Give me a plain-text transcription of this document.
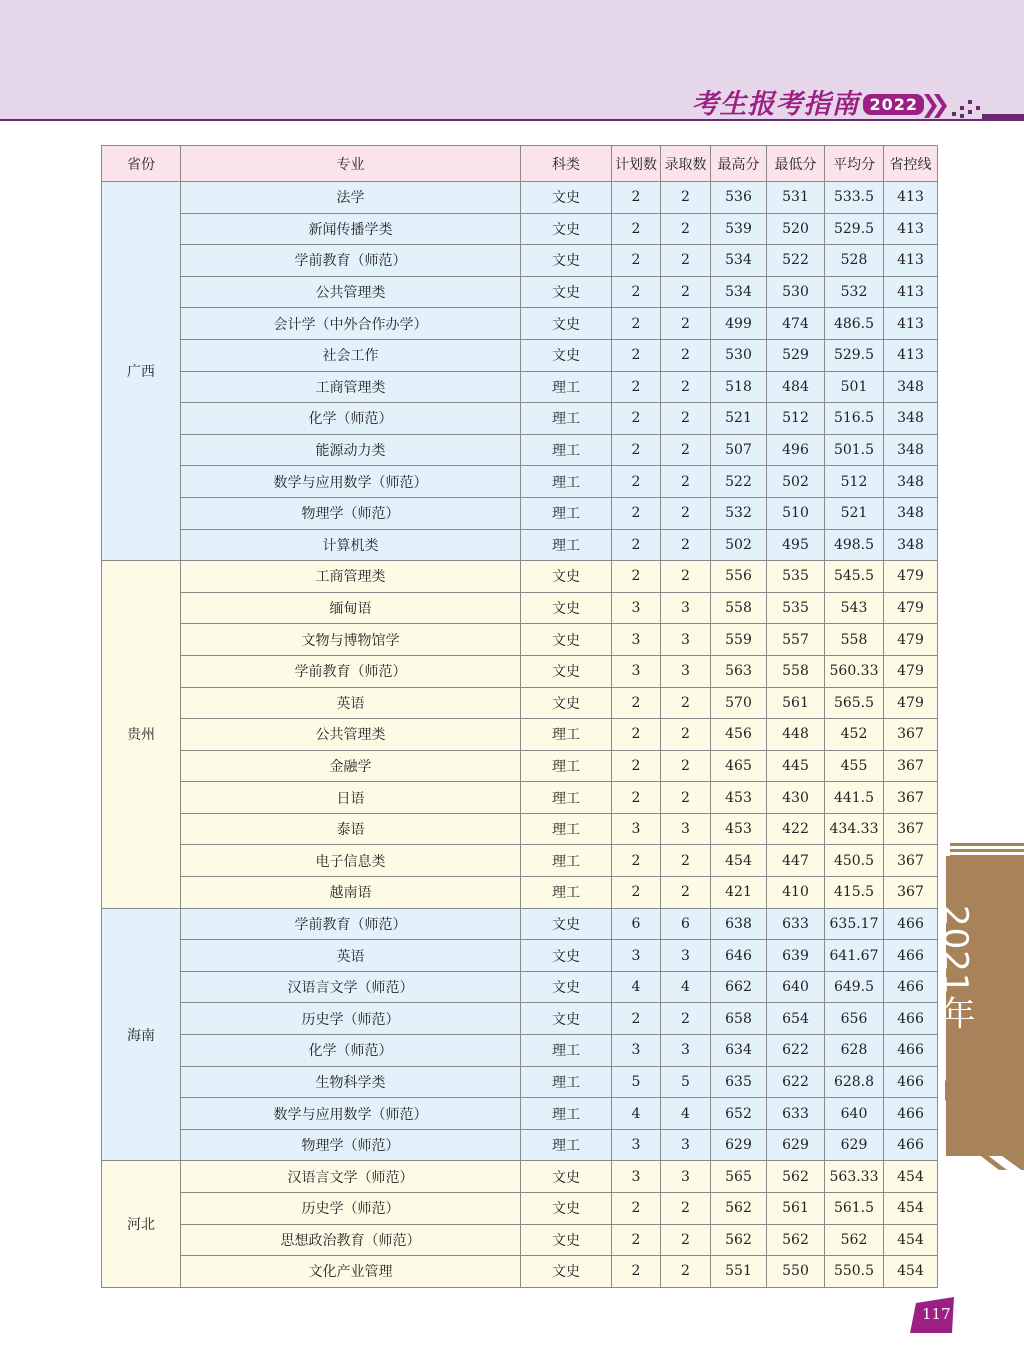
考生报考指南 2022
省份	专业	科类	计划数	录取数	最高分	最低分	平均分	省控线
广西	法学	文史	2	2	536	531	533.5	413
	新闻传播学类	文史	2	2	539	520	529.5	413
	学前教育（师范）	文史	2	2	534	522	528	413
	公共管理类	文史	2	2	534	530	532	413
	会计学（中外合作办学）	文史	2	2	499	474	486.5	413
	社会工作	文史	2	2	530	529	529.5	413
	工商管理类	理工	2	2	518	484	501	348
	化学（师范）	理工	2	2	521	512	516.5	348
	能源动力类	理工	2	2	507	496	501.5	348
	数学与应用数学（师范）	理工	2	2	522	502	512	348
	物理学（师范）	理工	2	2	532	510	521	348
	计算机类	理工	2	2	502	495	498.5	348
贵州	工商管理类	文史	2	2	556	535	545.5	479
	缅甸语	文史	3	3	558	535	543	479
	文物与博物馆学	文史	3	3	559	557	558	479
	学前教育（师范）	文史	3	3	563	558	560.33	479
	英语	文史	2	2	570	561	565.5	479
	公共管理类	理工	2	2	456	448	452	367
	金融学	理工	2	2	465	445	455	367
	日语	理工	2	2	453	430	441.5	367
	泰语	理工	3	3	453	422	434.33	367
	电子信息类	理工	2	2	454	447	450.5	367
	越南语	理工	2	2	421	410	415.5	367
海南	学前教育（师范）	文史	6	6	638	633	635.17	466
	英语	文史	3	3	646	639	641.67	466
	汉语言文学（师范）	文史	4	4	662	640	649.5	466
	历史学（师范）	文史	2	2	658	654	656	466
	化学（师范）	理工	3	3	634	622	628	466
	生物科学类	理工	5	5	635	622	628.8	466
	数学与应用数学（师范）	理工	4	4	652	633	640	466
	物理学（师范）	理工	3	3	629	629	629	466
河北	汉语言文学（师范）	文史	3	3	565	562	563.33	454
	历史学（师范）	文史	2	2	562	561	561.5	454
	思想政治教育（师范）	文史	2	2	562	562	562	454
	文化产业管理	文史	2	2	551	550	550.5	454
2021年
117
